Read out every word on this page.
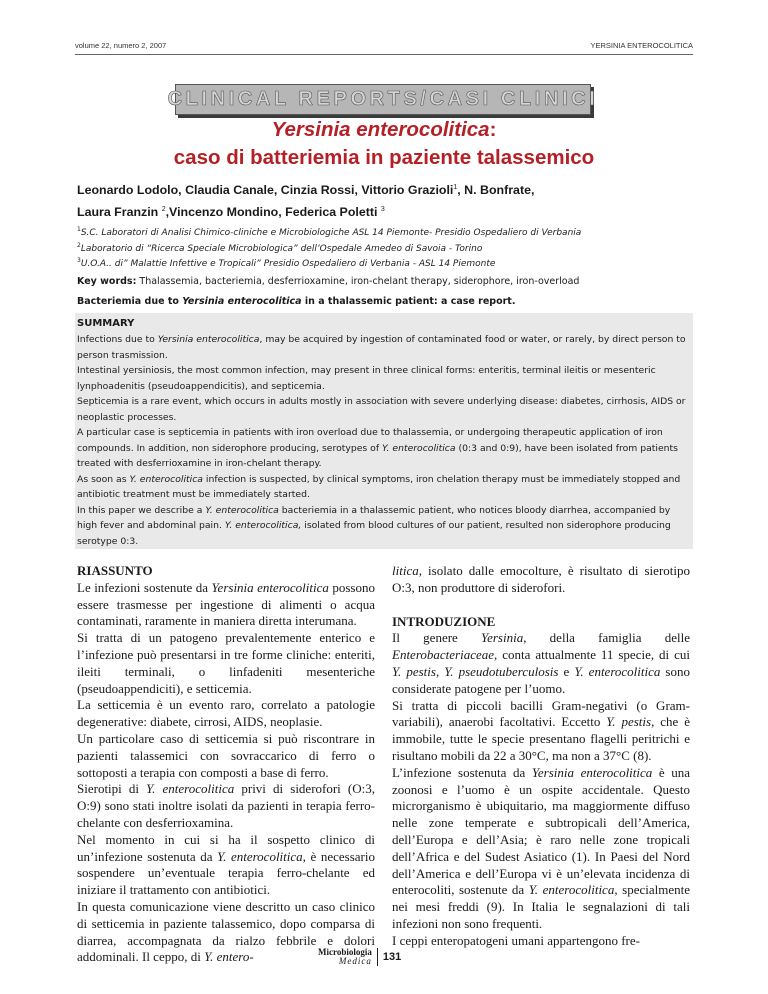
volume 22, numero 2, 2007	YERSINIA ENTEROCOLITICA
CLINICAL REPORTS/CASI CLINICI
Yersinia enterocolitica:
caso di batteriemia in paziente talassemico
Leonardo Lodolo, Claudia Canale, Cinzia Rossi, Vittorio Grazioli$^1$, N. Bonfrate,
Laura Franzin $^2$,Vincenzo Mondino, Federica Poletti $^3$
$^1$S.C. Laboratori di Analisi Chimico-cliniche e Microbiologiche ASL 14 Piemonte- Presidio Ospedaliero di Verbania
$^2$Laboratorio di “Ricerca Speciale Microbiologica” dell’Ospedale Amedeo di Savoia - Torino
$^3$U.O.A.. di” Malattie Infettive e Tropicali” Presidio Ospedaliero di Verbania - ASL 14 Piemonte
Key words: Thalassemia, bacteriemia, desferrioxamine, iron-chelant therapy, siderophore, iron-overload
Bacteriemia due to Yersinia enterocolitica in a thalassemic patient: a case report.
SUMMARY

Infections due to Yersinia enterocolitica, may be acquired by ingestion of contaminated food or water, or rarely, by direct person to person trasmission.

Intestinal yersiniosis, the most common infection, may present in three clinical forms: enteritis, terminal ileitis or mesenteric lynphoadenitis (pseudoappendicitis), and septicemia.

Septicemia is a rare event, which occurs in adults mostly in association with severe underlying disease: diabetes, cirrhosis, AIDS or neoplastic processes.

A particular case is septicemia in patients with iron overload due to thalassemia, or undergoing therapeutic application of iron compounds. In addition, non siderophore producing, serotypes of Y. enterocolitica (0:3 and 0:9), have been isolated from patients treated with desferrioxamine in iron-chelant therapy.

As soon as Y. enterocolitica infection is suspected, by clinical symptoms, iron chelation therapy must be immediately stopped and antibiotic treatment must be immediately started.

In this paper we describe a Y. enterocolitica bacteriemia in a thalassemic patient, who notices bloody diarrhea, accompanied by high fever and abdominal pain. Y. enterocolitica, isolated from blood cultures of our patient, resulted non siderophore producing serotype 0:3.

RIASSUNTO

Le infezioni sostenute da Yersinia enterocolitica possono essere trasmesse per ingestione di alimenti o acqua contaminati, raramente in maniera diretta interumana.

Si tratta di un patogeno prevalentemente enterico e l’infezione può presentarsi in tre forme cliniche: enteriti, ileiti terminali, o linfadeniti mesenteriche (pseudoappendiciti), e setticemia.

La setticemia è un evento raro, correlato a patologie degenerative: diabete, cirrosi, AIDS, neoplasie.

Un particolare caso di setticemia si può riscontrare in pazienti talassemici con sovraccarico di ferro o sottoposti a terapia con composti a base di ferro.

Sierotipi di Y. enterocolitica privi di siderofori (O:3, O:9) sono stati inoltre isolati da pazienti in terapia ferro-chelante con desferrioxamina.

Nel momento in cui si ha il sospetto clinico di un’infezione sostenuta da Y. enterocolitica, è necessario sospendere un’eventuale terapia ferro-chelante ed iniziare il trattamento con antibiotici.

In questa comunicazione viene descritto un caso clinico di setticemia in paziente talassemico, dopo comparsa di diarrea, accompagnata da rialzo febbrile e dolori addominali. Il ceppo, di Y. entero-

litica, isolato dalle emocolture, è risultato di sierotipo O:3, non produttore di siderofori.

INTRODUZIONE

Il genere Yersinia, della famiglia delle Enterobacteriaceae, conta attualmente 11 specie, di cui Y. pestis, Y. pseudotuberculosis e Y. enterocolitica sono considerate patogene per l’uomo.

Si tratta di piccoli bacilli Gram-negativi (o Gram-variabili), anaerobi facoltativi. Eccetto Y. pestis, che è immobile, tutte le specie presentano flagelli peritrichi e risultano mobili da 22 a 30°C, ma non a 37°C (8).

L’infezione sostenuta da Yersinia enterocolitica è una zoonosi e l’uomo è un ospite accidentale. Questo microrganismo è ubiquitario, ma maggiormente diffuso nelle zone temperate e subtropicali dell’America, dell’Europa e dell’Asia; è raro nelle zone tropicali dell’Africa e del Sudest Asiatico (1). In Paesi del Nord dell’America e dell’Europa vi è un’elevata incidenza di enterocoliti, sostenute da Y. enterocolitica, specialmente nei mesi freddi (9). In Italia le segnalazioni di tali infezioni non sono frequenti.

I ceppi enteropatogeni umani appartengono fre-

Microbiologia
Medica	131
